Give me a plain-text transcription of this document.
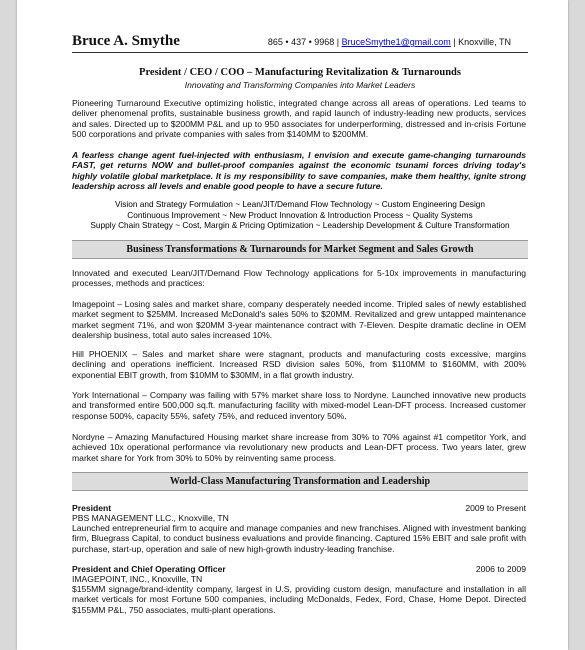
Bruce A. Smythe	865 • 437 • 9968 | BruceSmythe1@gmail.com | Knoxville, TN
President / CEO / COO – Manufacturing Revitalization & Turnarounds
Innovating and Transforming Companies into Market Leaders
Pioneering Turnaround Executive optimizing holistic, integrated change across all areas of operations. Led teams to deliver phenomenal profits, sustainable business growth, and rapid launch of industry-leading new products, services and sales. Directed up to $200MM P&L and up to 950 associates for underperforming, distressed and in-crisis Fortune 500 corporations and private companies with sales from $140MM to $200MM.
A fearless change agent fuel-injected with enthusiasm, I envision and execute game-changing turnarounds FAST, get returns NOW and bullet-proof companies against the economic tsunami forces driving today's highly volatile global marketplace. It is my responsibility to save companies, make them healthy, ignite strong leadership across all levels and enable good people to have a secure future.
Vision and Strategy Formulation ~ Lean/JIT/Demand Flow Technology ~ Custom Engineering Design
Continuous Improvement ~ New Product Innovation & Introduction Process ~ Quality Systems
Supply Chain Strategy ~ Cost, Margin & Pricing Optimization ~ Leadership Development & Culture Transformation
Business Transformations & Turnarounds for Market Segment and Sales Growth
Innovated and executed Lean/JIT/Demand Flow Technology applications for 5-10x improvements in manufacturing processes, methods and practices:
Imagepoint – Losing sales and market share, company desperately needed income. Tripled sales of newly established market segment to $25MM. Increased McDonald's sales 50% to $20MM. Revitalized and grew untapped maintenance market segment 71%, and won $20MM 3-year maintenance contract with 7-Eleven. Despite dramatic decline in OEM dealership business, total auto sales increased 10%.
Hill PHOENIX – Sales and market share were stagnant, products and manufacturing costs excessive, margins declining and operations inefficient. Increased RSD division sales 50%, from $110MM to $160MM, with 200% exponential EBIT growth, from $10MM to $30MM, in a flat growth industry.
York International – Company was failing with 57% market share loss to Nordyne. Launched innovative new products and transformed entire 500,000 sq.ft. manufacturing facility with mixed-model Lean-DFT process. Increased customer response 500%, capacity 55%, safety 75%, and reduced inventory 50%.
Nordyne – Amazing Manufactured Housing market share increase from 30% to 70% against #1 competitor York, and achieved 10x operational performance via revolutionary new products and Lean-DFT process. Two years later, grew market share for York from 30% to 50% by reinventing same process.
World-Class Manufacturing Transformation and Leadership
President	2009 to Present
PBS MANAGEMENT LLC., Knoxville, TN
Launched entrepreneurial firm to acquire and manage companies and new franchises. Aligned with investment banking firm, Bluegrass Capital, to conduct business evaluations and provide financing. Captured 15% EBIT and sale profit with purchase, start-up, operation and sale of new high-growth industry-leading franchise.
President and Chief Operating Officer	2006 to 2009
IMAGEPOINT, INC., Knoxville, TN
$155MM signage/brand-identity company, largest in U.S, providing custom design, manufacture and installation in all market verticals for most Fortune 500 companies, including McDonalds, Fedex, Ford, Chase, Home Depot. Directed $155MM P&L, 750 associates, multi-plant operations.
